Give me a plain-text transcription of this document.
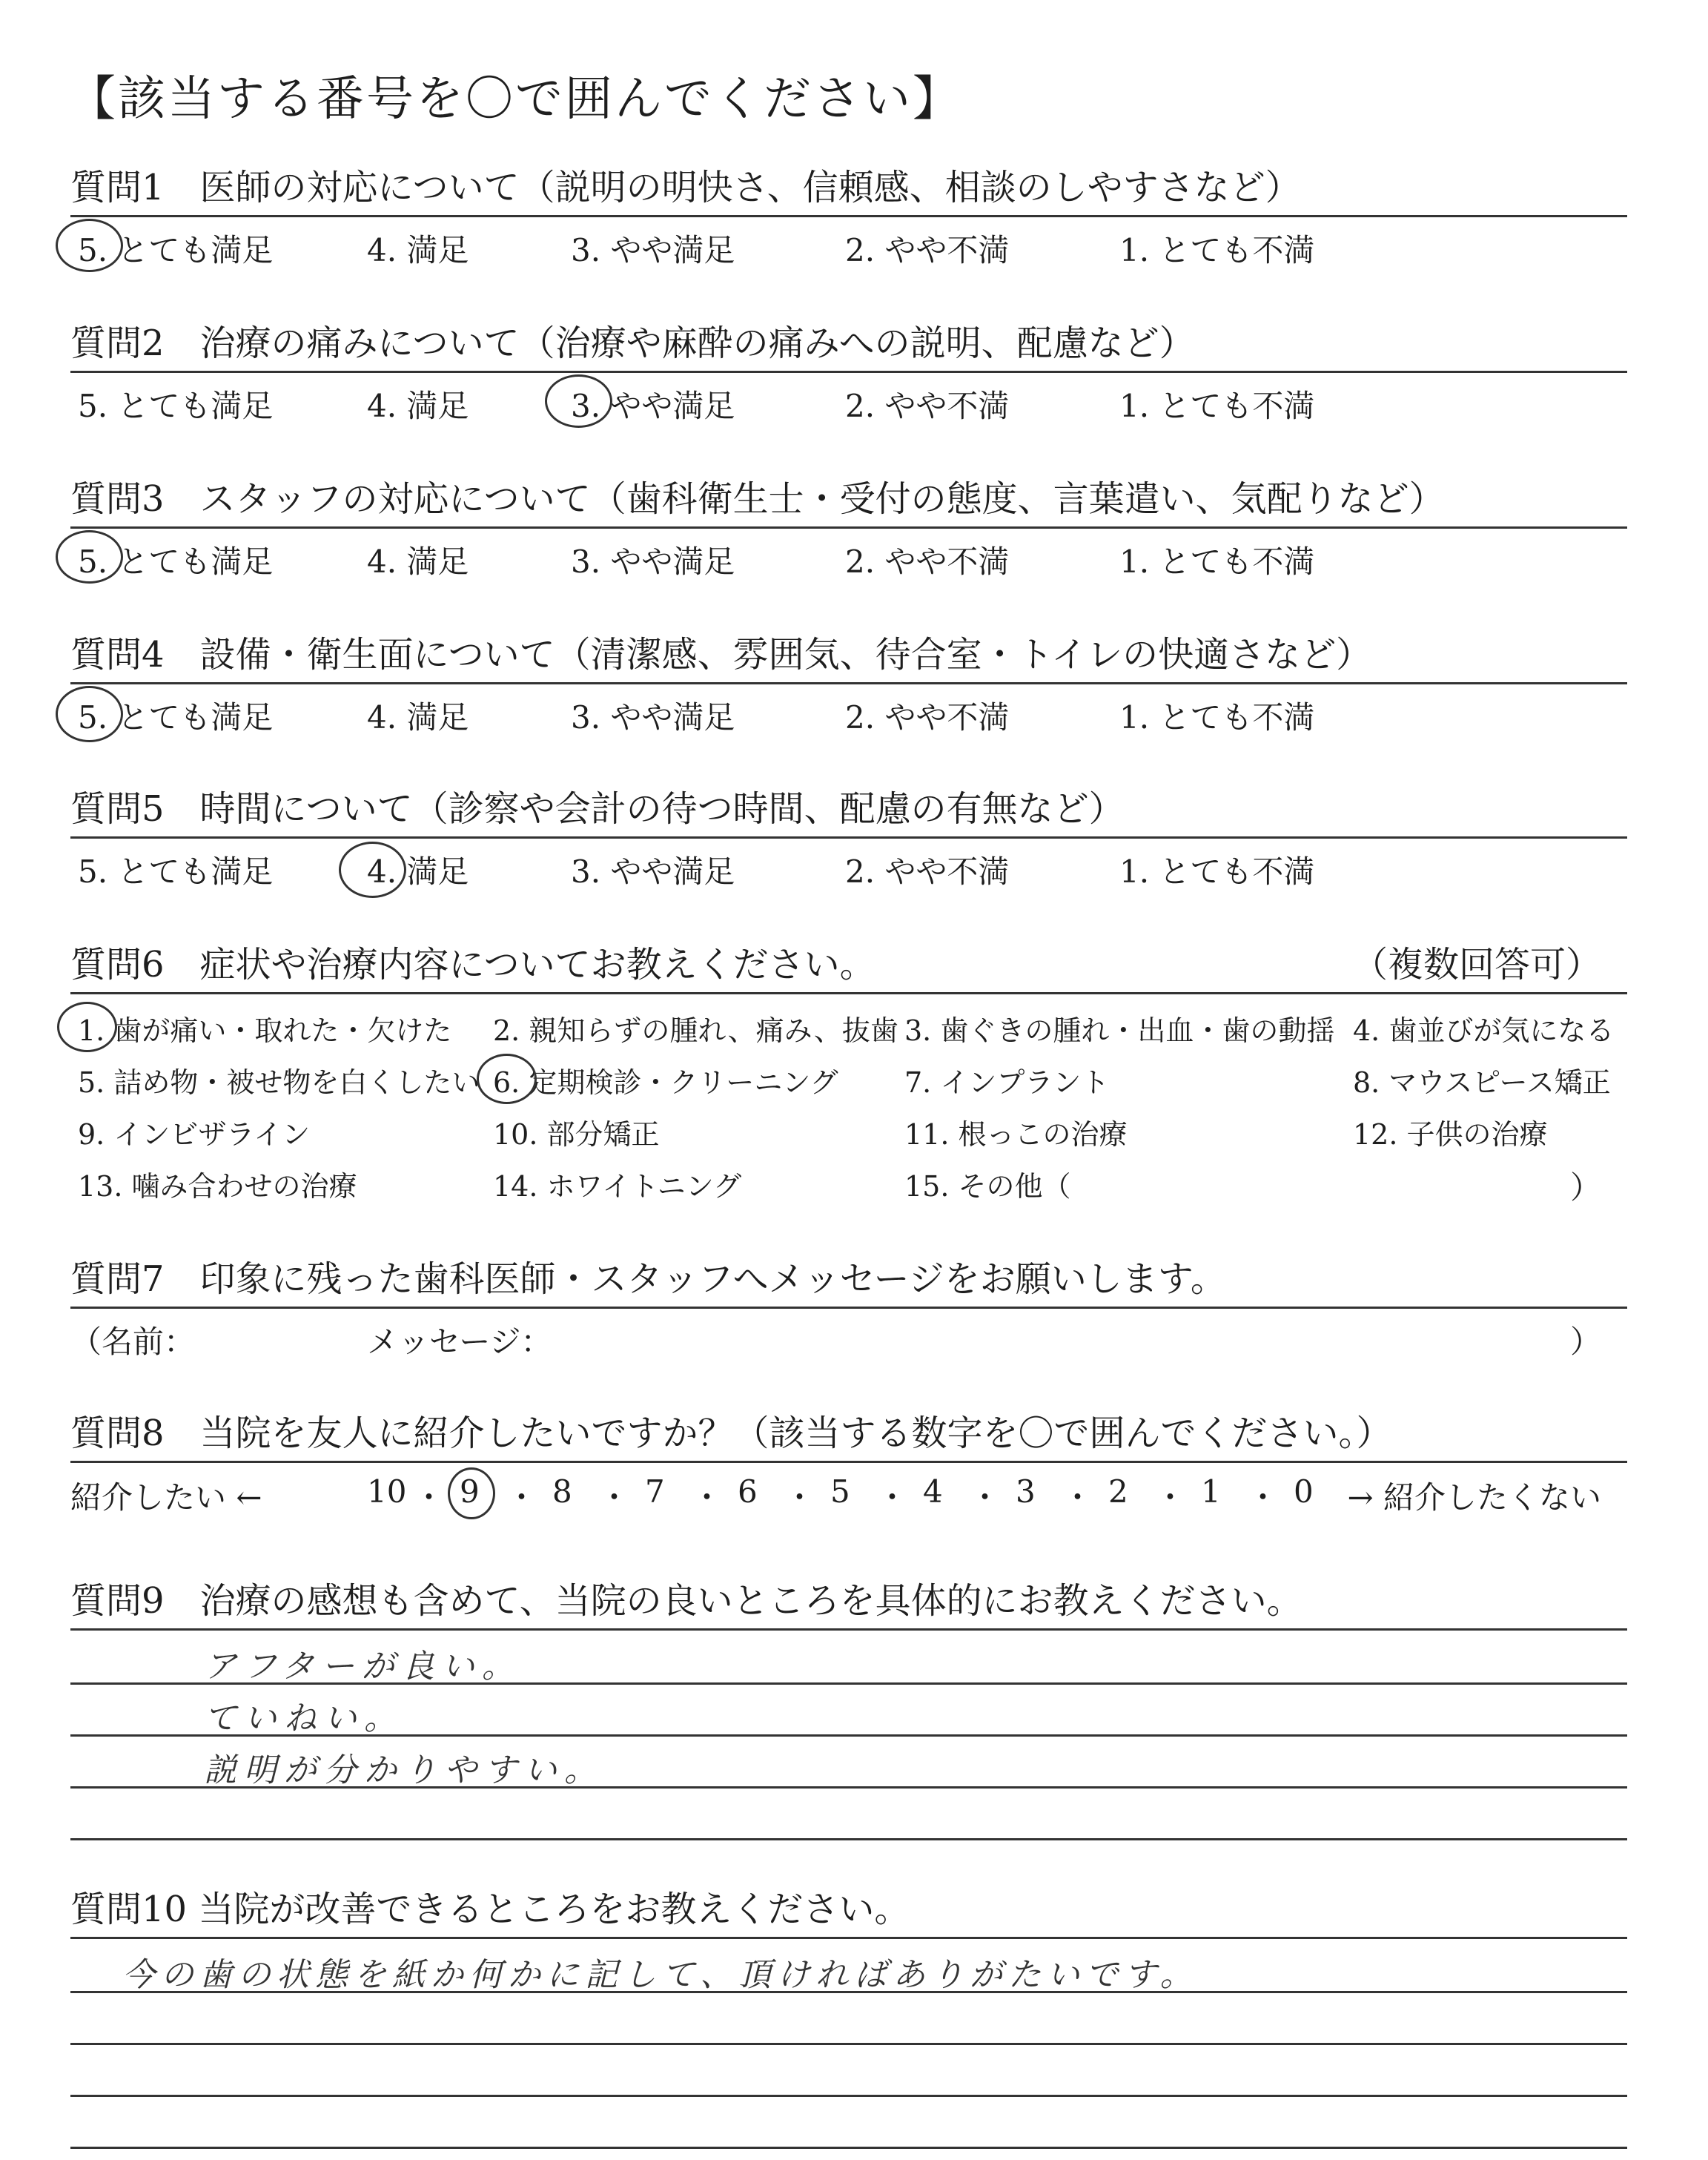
【該当する番号を〇で囲んでください】
質問1　医師の対応について（説明の明快さ、信頼感、相談のしやすさなど）
5. とても満足	4. 満足	3. やや満足	2. やや不満	1. とても不満
質問2　治療の痛みについて（治療や麻酔の痛みへの説明、配慮など）
5. とても満足	4. 満足	3. やや満足	2. やや不満	1. とても不満
質問3　スタッフの対応について（歯科衛生士・受付の態度、言葉遣い、気配りなど）
5. とても満足	4. 満足	3. やや満足	2. やや不満	1. とても不満
質問4　設備・衛生面について（清潔感、雰囲気、待合室・トイレの快適さなど）
5. とても満足	4. 満足	3. やや満足	2. やや不満	1. とても不満
質問5　時間について（診察や会計の待つ時間、配慮の有無など）
5. とても満足	4. 満足	3. やや満足	2. やや不満	1. とても不満
質問6　症状や治療内容についてお教えください。	（複数回答可）
1. 歯が痛い・取れた・欠けた 2. 親知らずの腫れ、痛み、抜歯 3. 歯ぐきの腫れ・出血・歯の動揺 4. 歯並びが気になる
5. 詰め物・被せ物を白くしたい 6. 定期検診・クリーニング 7. インプラント	8. マウスピース矯正
9. インビザライン	10. 部分矯正	11. 根っこの治療	12. 子供の治療
13. 噛み合わせの治療	14. ホワイトニング	15. その他（	）
質問7　印象に残った歯科医師・スタッフへメッセージをお願いします。
（名前：	メッセージ：	）
質問8　当院を友人に紹介したいですか？（該当する数字を〇で囲んでください。）
紹介したい ←	→ 紹介したくない
10 ・ 9 ・ 8 ・ 7 ・ 6 ・ 5 ・ 4 ・ 3 ・ 2 ・ 1 ・ 0
質問9　治療の感想も含めて、当院の良いところを具体的にお教えください。
アフターが良い。
ていねい。
説明が分かりやすい。
質問10 当院が改善できるところをお教えください。
今の歯の状態を紙か何かに記して、頂ければありがたいです。
